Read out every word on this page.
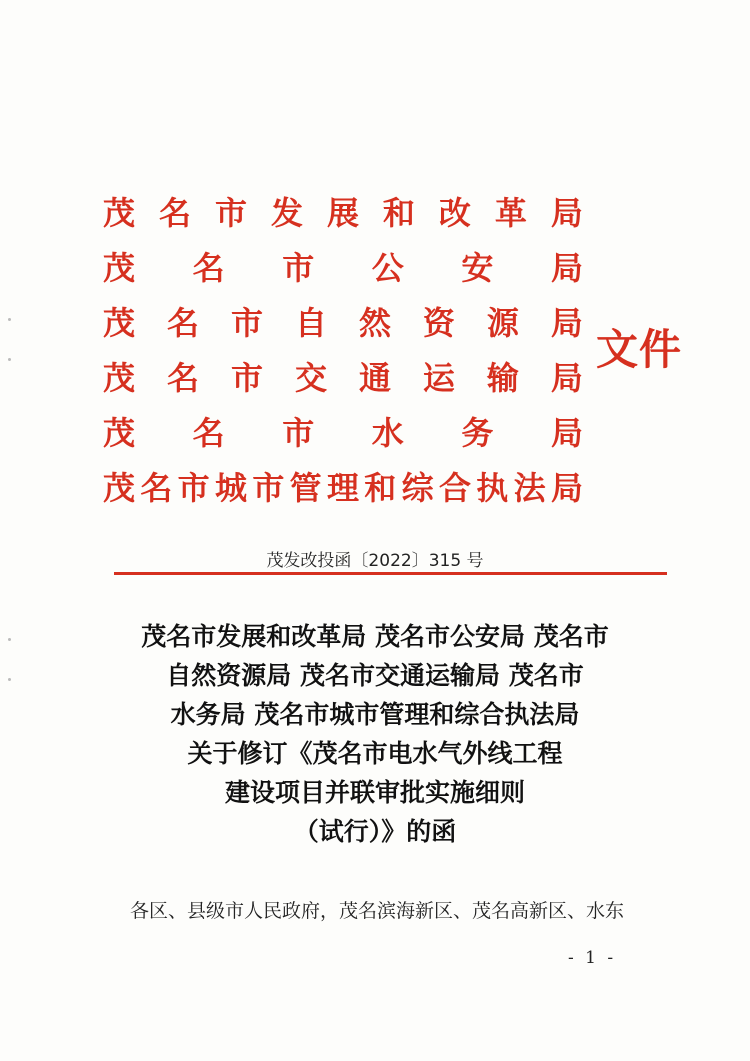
茂 名 市 发 展 和 改 革 局
茂 名 市 公 安 局
茂 名 市 自 然 资 源 局
茂 名 市 交 通 运 输 局
茂 名 市 水 务 局
茂 名 市 城 市 管 理 和 综 合 执 法 局
文件
茂发改投函〔2022〕315 号
茂名市发展和改革局 茂名市公安局 茂名市
自然资源局 茂名市交通运输局 茂名市
水务局 茂名市城市管理和综合执法局
关于修订《茂名市电水气外线工程
建设项目并联审批实施细则
（试行）》的函
各区、县级市人民政府，茂名滨海新区、茂名高新区、水东
- 1 -
